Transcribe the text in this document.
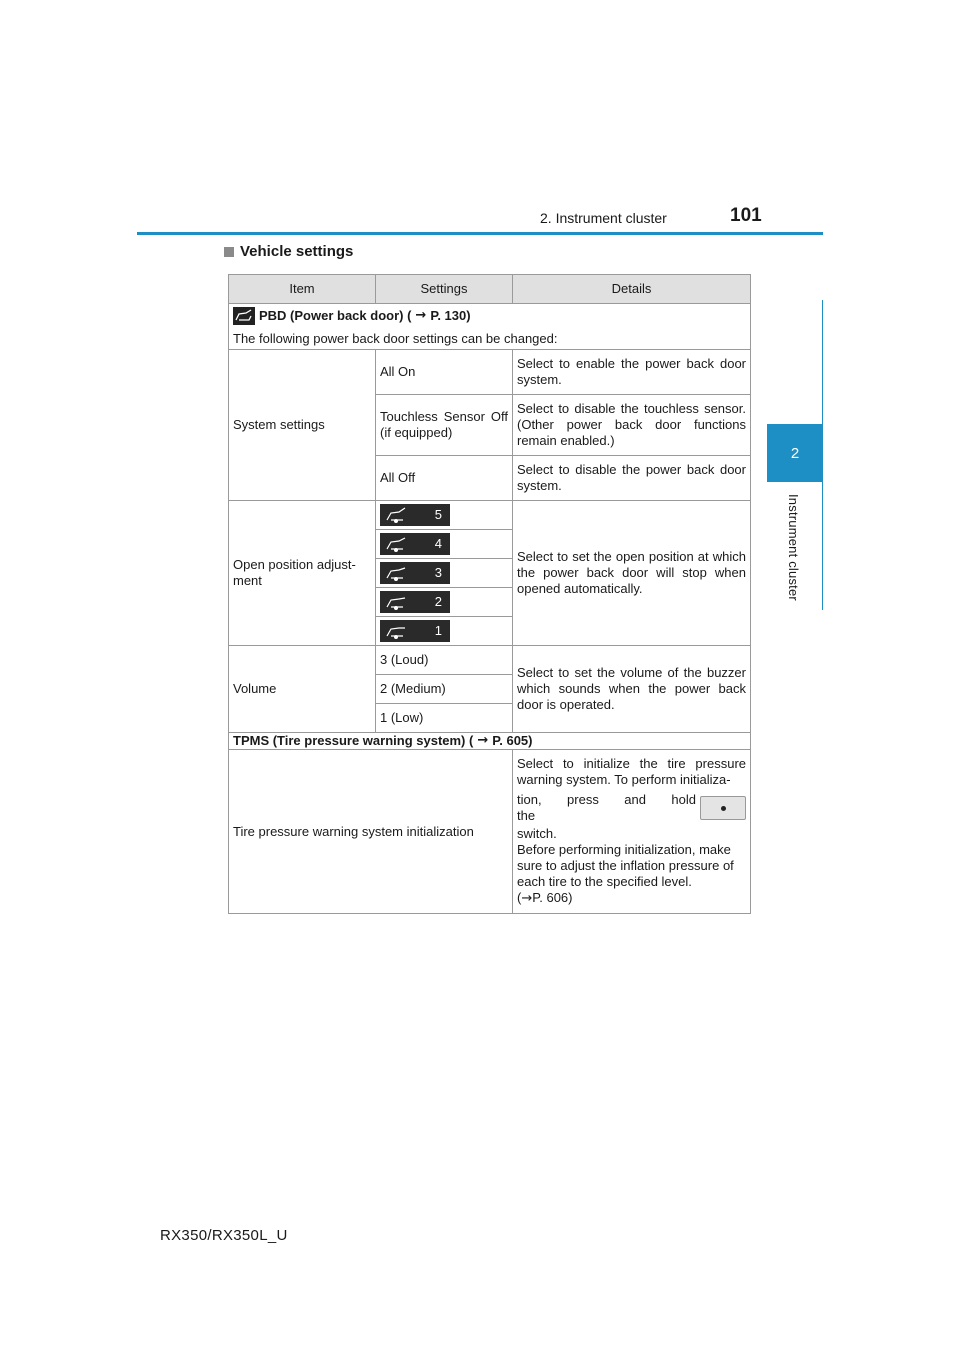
2. Instrument cluster	101
2
Instrument cluster
Vehicle settings
Item	Settings	Details

PBD (Power back door) ( → P. 130)
The following power back door settings can be changed:		

System settings	All On	Select to enable the power back door system.
	Touchless Sensor Off (if equipped)	Select to disable the touchless sensor. (Other power back door functions remain enabled.)
	All Off	Select to disable the power back door system.
Open position adjust-ment	5	Select to set the open position at which the power back door will stop when opened automatically.

	4	

	3	

	2	

	1	

Volume	3 (Loud)	Select to set the volume of the buzzer which sounds when the power back door is operated.
	2 (Medium)	
	1 (Low)	

TPMS (Tire pressure warning system) ( → P. 605)		

Tire pressure warning system initialization		Select to initialize the tire pressure warning system. To perform initializa-
tion, press and hold the
switch.
Before performing initialization, make sure to adjust the inflation pressure of each tire to the specified level.
(→P. 606)
RX350/RX350L_U
